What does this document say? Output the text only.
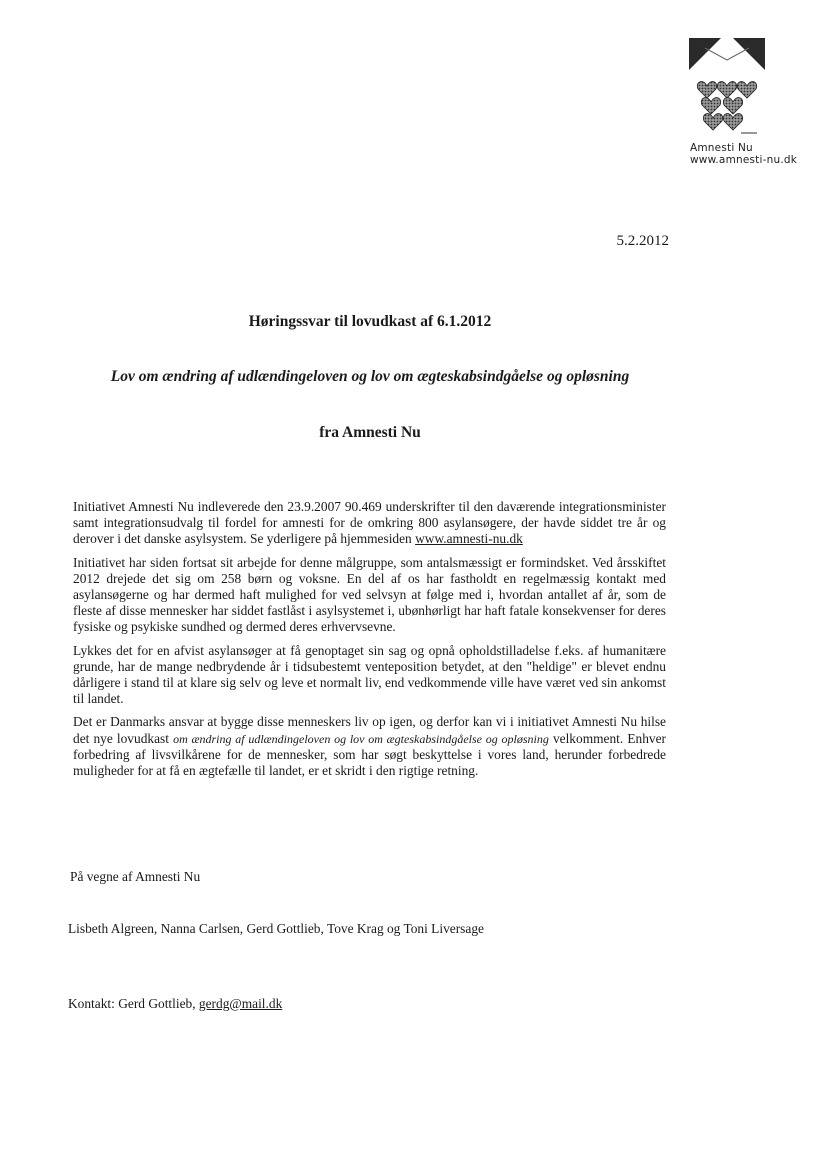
Amnesti Nu
www.amnesti-nu.dk
5.2.2012
Høringssvar til lovudkast af 6.1.2012
Lov om ændring af udlændingeloven og lov om ægteskabsindgåelse og opløsning
fra Amnesti Nu

Initiativet Amnesti Nu indleverede den 23.9.2007 90.469 underskrifter til den daværende integrationsminister samt integrationsudvalg til fordel for amnesti for de omkring 800 asylansøgere, der havde siddet tre år og derover i det danske asylsystem. Se yderligere på hjemmesiden www.amnesti-nu.dk

Initiativet har siden fortsat sit arbejde for denne målgruppe, som antalsmæssigt er formindsket. Ved årsskiftet 2012 drejede det sig om 258 børn og voksne. En del af os har fastholdt en regelmæssig kontakt med asylansøgerne og har dermed haft mulighed for ved selvsyn at følge med i, hvordan antallet af år, som de fleste af disse mennesker har siddet fastlåst i asylsystemet i, ubønhørligt har haft fatale konsekvenser for deres fysiske og psykiske sundhed og dermed deres erhvervsevne.

Lykkes det for en afvist asylansøger at få genoptaget sin sag og opnå opholdstilladelse f.eks. af humanitære grunde, har de mange nedbrydende år i tidsubestemt venteposition betydet, at den "heldige" er blevet endnu dårligere i stand til at klare sig selv og leve et normalt liv, end vedkommende ville have været ved sin ankomst til landet.

Det er Danmarks ansvar at bygge disse menneskers liv op igen, og derfor kan vi i initiativet Amnesti Nu hilse det nye lovudkast om ændring af udlændingeloven og lov om ægteskabsindgåelse og opløsning velkomment. Enhver forbedring af livsvilkårene for de mennesker, som har søgt beskyttelse i vores land, herunder forbedrede muligheder for at få en ægtefælle til landet, er et skridt i den rigtige retning.

På vegne af Amnesti Nu
Lisbeth Algreen, Nanna Carlsen, Gerd Gottlieb, Tove Krag og Toni Liversage
Kontakt: Gerd Gottlieb, gerdg@mail.dk
